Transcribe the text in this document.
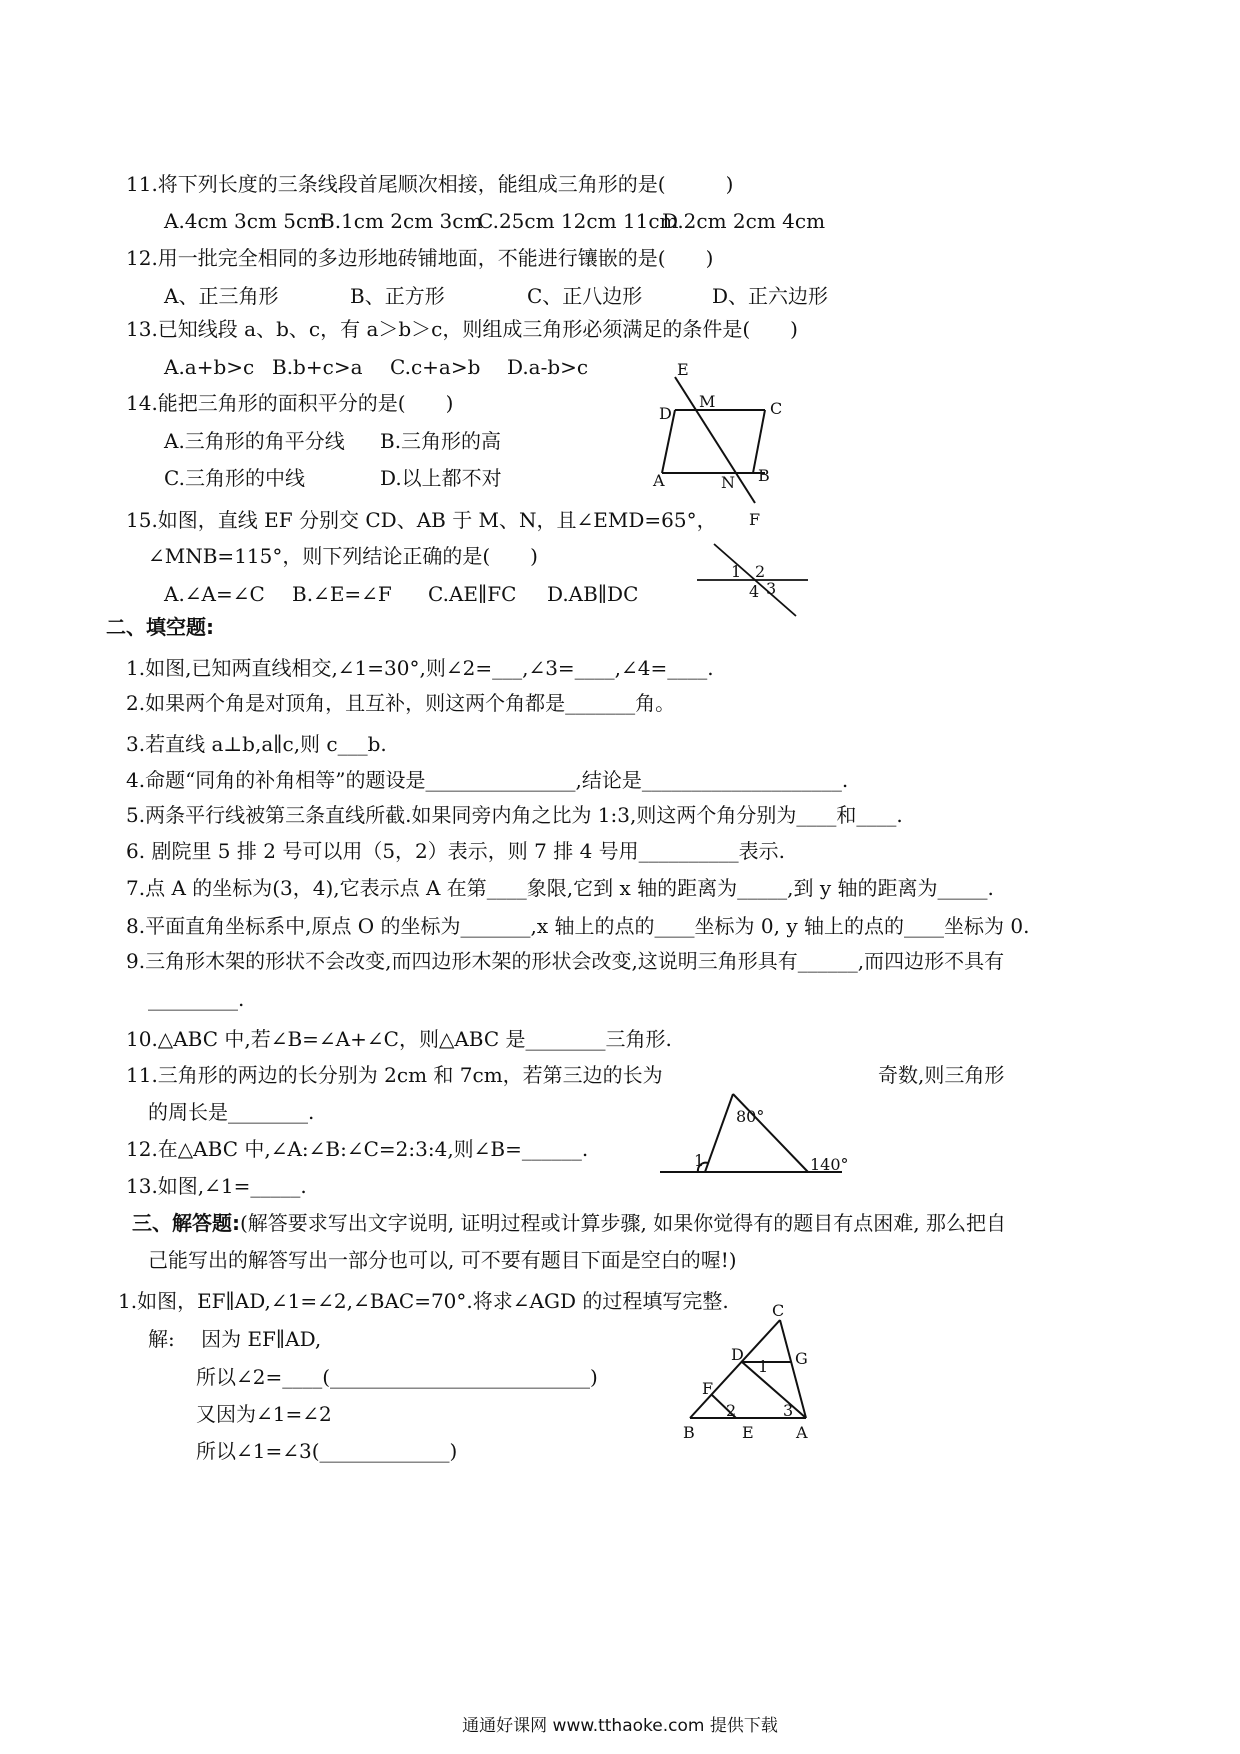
11.将下列长度的三条线段首尾顺次相接，能组成三角形的是(　　　)
A.4cm 3cm 5cm
B.1cm 2cm 3cm
C.25cm 12cm 11cm
D.2cm 2cm 4cm
12.用一批完全相同的多边形地砖铺地面，不能进行镶嵌的是(　　)
A、正三角形	B、正方形	C、正八边形	D、正六边形
13.已知线段 a、b、c，有 a＞b＞c，则组成三角形必须满足的条件是(　　)
A.a+b>c B.b+c>a C.c+a>b D.a-b>c
14.能把三角形的面积平分的是(　　)
A.三角形的角平分线 B.三角形的高
C.三角形的中线	D.以上都不对
15.如图，直线 EF 分别交 CD、AB 于 M、N，且∠EMD=65°，
∠MNB=115°，则下列结论正确的是(　　)
A.∠A=∠C B.∠E=∠F C.AE∥FC D.AB∥DC
E
M
D	C
A	N B
F
1 2
3
4
二、填空题:
1.如图,已知两直线相交,∠1=30°,则∠2=___,∠3=____,∠4=____.
2.如果两个角是对顶角，且互补，则这两个角都是_______角。
3.若直线 a⊥b,a∥c,则 c___b.
4.命题“同角的补角相等”的题设是_______________,结论是____________________.
5.两条平行线被第三条直线所截.如果同旁内角之比为 1:3,则这两个角分别为____和____.
6. 剧院里 5 排 2 号可以用（5，2）表示，则 7 排 4 号用__________表示.
7.点 A 的坐标为(3，4),它表示点 A 在第____象限,它到 x 轴的距离为_____,到 y 轴的距离为_____.
8.平面直角坐标系中,原点 O 的坐标为_______,x 轴上的点的____坐标为 0, y 轴上的点的____坐标为 0.
9.三角形木架的形状不会改变,而四边形木架的形状会改变,这说明三角形具有______,而四边形不具有
_________.
10.△ABC 中,若∠B=∠A+∠C，则△ABC 是________三角形.
11.三角形的两边的长分别为 2cm 和 7cm，若第三边的长为	奇数,则三角形
的周长是________.
12.在△ABC 中,∠A:∠B:∠C=2:3:4,则∠B=______.
13.如图,∠1=_____.
80°
1	140°
三、解答题:(解答要求写出文字说明, 证明过程或计算步骤, 如果你觉得有的题目有点困难, 那么把自
己能写出的解答写出一部分也可以, 可不要有题目下面是空白的喔!)
1.如图，EF∥AD,∠1=∠2,∠BAC=70°.将求∠AGD 的过程填写完整.
解:　 因为 EF∥AD,
所以∠2=____(__________________________)
又因为∠1=∠2
所以∠1=∠3(_____________)
C
D	G
1
F
2	3
B	E	A
通通好课网 www.tthaoke.com 提供下载
